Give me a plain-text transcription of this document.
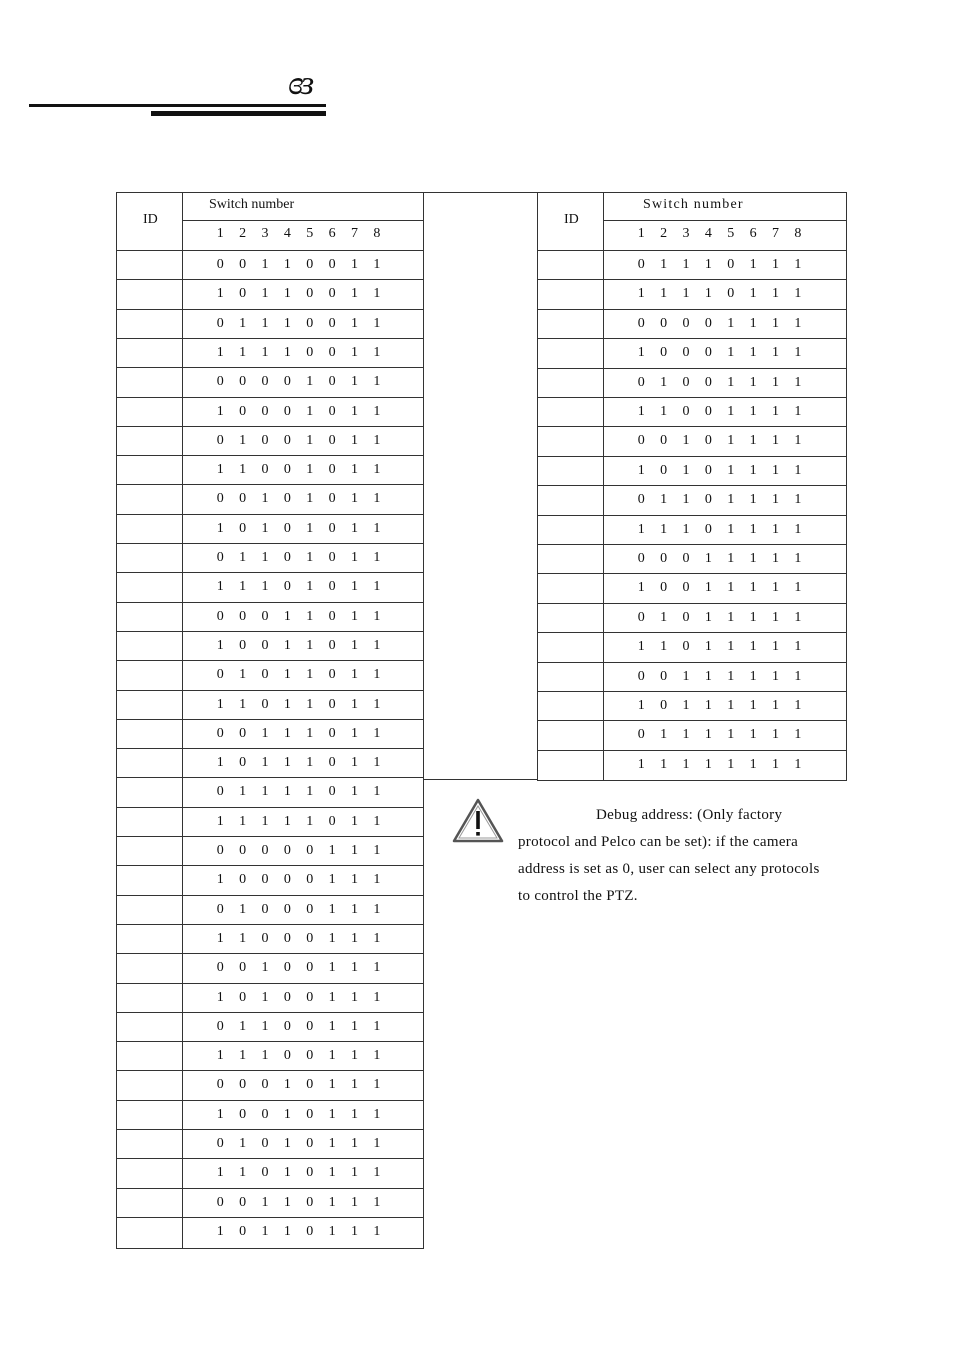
ɞɜ
ID
Switch number
1	2	3	4	5	6	7	8
0	0	1	1	0	0	1	1
1	0	1	1	0	0	1	1
0	1	1	1	0	0	1	1
1	1	1	1	0	0	1	1
0	0	0	0	1	0	1	1
1	0	0	0	1	0	1	1
0	1	0	0	1	0	1	1
1	1	0	0	1	0	1	1
0	0	1	0	1	0	1	1
1	0	1	0	1	0	1	1
0	1	1	0	1	0	1	1
1	1	1	0	1	0	1	1
0	0	0	1	1	0	1	1
1	0	0	1	1	0	1	1
0	1	0	1	1	0	1	1
1	1	0	1	1	0	1	1
0	0	1	1	1	0	1	1
1	0	1	1	1	0	1	1
0	1	1	1	1	0	1	1
1	1	1	1	1	0	1	1
0	0	0	0	0	1	1	1
1	0	0	0	0	1	1	1
0	1	0	0	0	1	1	1
1	1	0	0	0	1	1	1
0	0	1	0	0	1	1	1
1	0	1	0	0	1	1	1
0	1	1	0	0	1	1	1
1	1	1	0	0	1	1	1
0	0	0	1	0	1	1	1
1	0	0	1	0	1	1	1
0	1	0	1	0	1	1	1
1	1	0	1	0	1	1	1
0	0	1	1	0	1	1	1
1	0	1	1	0	1	1	1
ID
Switch number
1	2	3	4	5	6	7	8
0	1	1	1	0	1	1	1
1	1	1	1	0	1	1	1
0	0	0	0	1	1	1	1
1	0	0	0	1	1	1	1
0	1	0	0	1	1	1	1
1	1	0	0	1	1	1	1
0	0	1	0	1	1	1	1
1	0	1	0	1	1	1	1
0	1	1	0	1	1	1	1
1	1	1	0	1	1	1	1
0	0	0	1	1	1	1	1
1	0	0	1	1	1	1	1
0	1	0	1	1	1	1	1
1	1	0	1	1	1	1	1
0	0	1	1	1	1	1	1
1	0	1	1	1	1	1	1
0	1	1	1	1	1	1	1
1	1	1	1	1	1	1	1
Debug address: (Only factory protocol and Pelco can be set): if the camera address is set as 0, user can select any protocols to control the PTZ.
